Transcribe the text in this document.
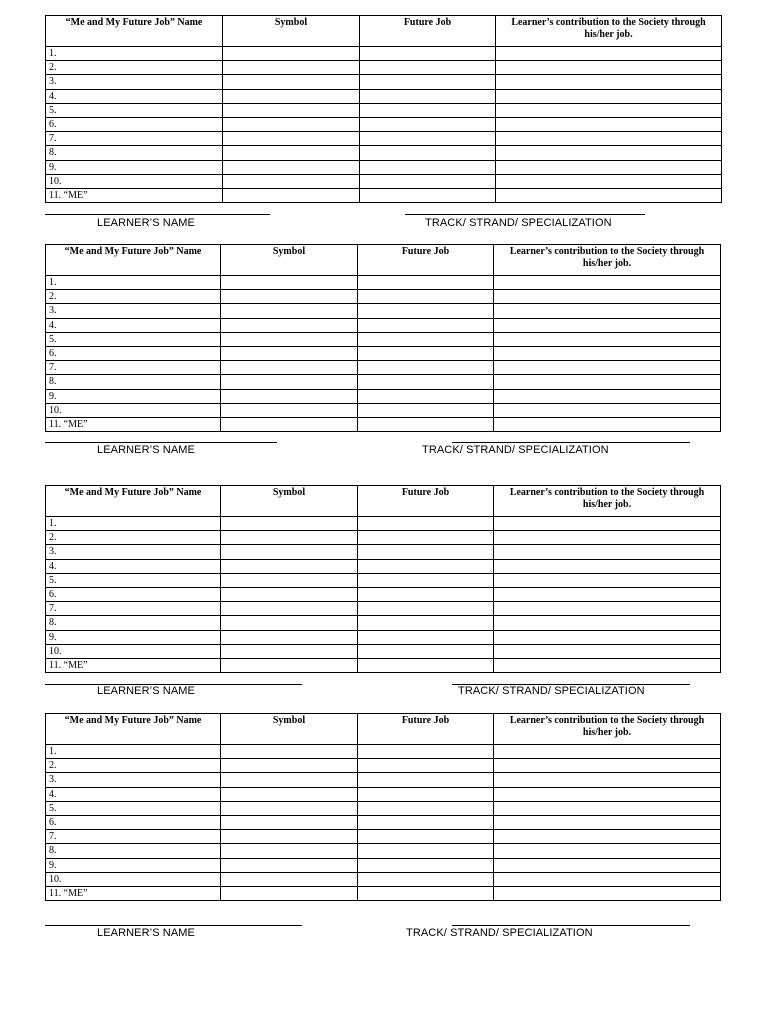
“Me and My Future Job” Name	Symbol	Future Job	Learner’s contribution to the Society through his/her job.
1.			
2.			
3.			
4.			
5.			
6.			
7.			
8.			
9.			
10.			
11. “ME”			
LEARNER’S NAME	TRACK/ STRAND/ SPECIALIZATION
“Me and My Future Job” Name	Symbol	Future Job	Learner’s contribution to the Society through his/her job.
1.			
2.			
3.			
4.			
5.			
6.			
7.			
8.			
9.			
10.			
11. “ME”			
LEARNER’S NAME	TRACK/ STRAND/ SPECIALIZATION
“Me and My Future Job” Name	Symbol	Future Job	Learner’s contribution to the Society through his/her job.
1.			
2.			
3.			
4.			
5.			
6.			
7.			
8.			
9.			
10.			
11. “ME”			
LEARNER’S NAME	TRACK/ STRAND/ SPECIALIZATION
“Me and My Future Job” Name	Symbol	Future Job	Learner’s contribution to the Society through his/her job.
1.			
2.			
3.			
4.			
5.			
6.			
7.			
8.			
9.			
10.			
11. “ME”			
LEARNER’S NAME	TRACK/ STRAND/ SPECIALIZATION
